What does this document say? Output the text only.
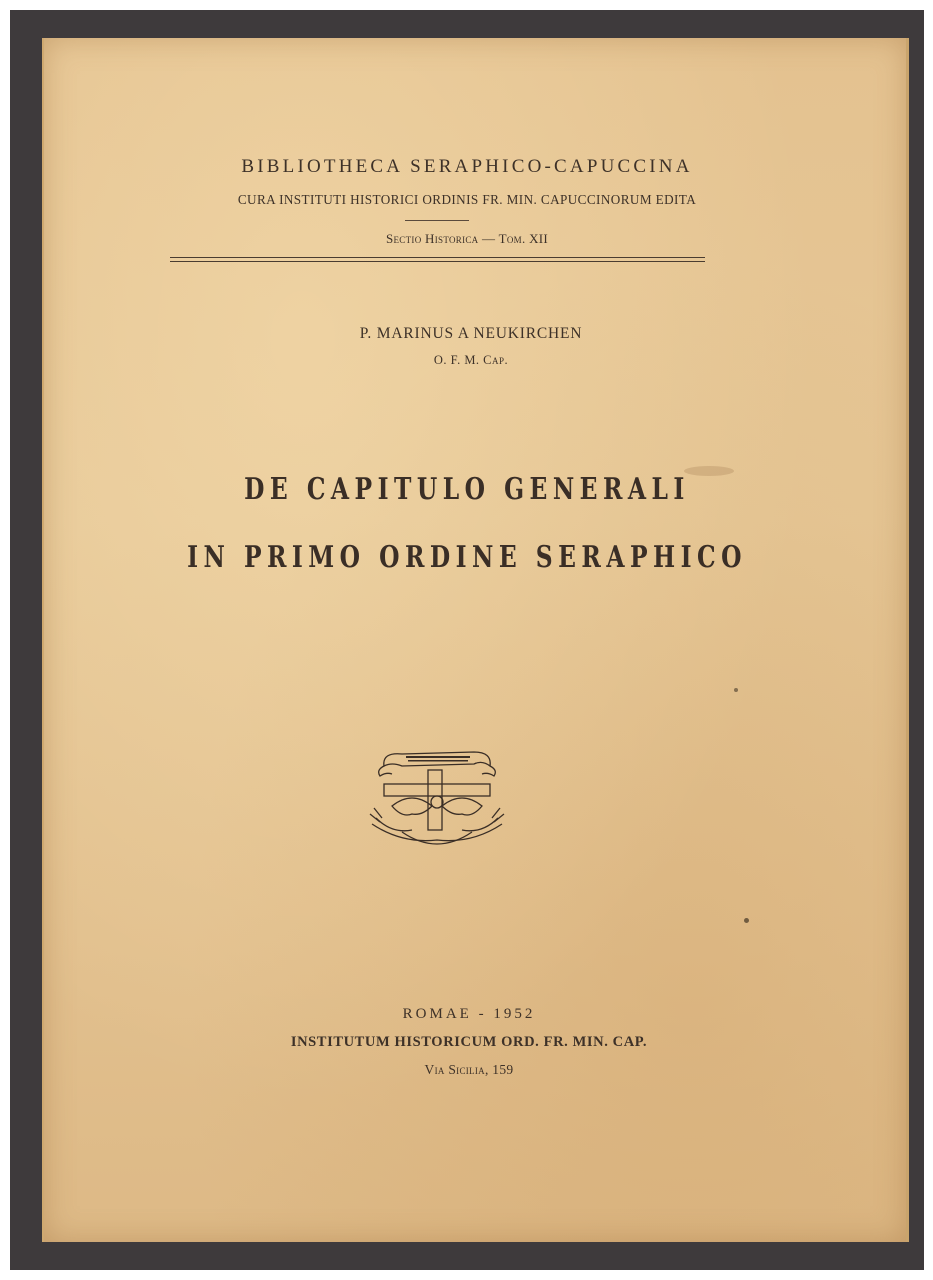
BIBLIOTHECA SERAPHICO-CAPUCCINA
CURA INSTITUTI HISTORICI ORDINIS FR. MIN. CAPUCCINORUM EDITA
Sectio Historica — Tom. XII
P. MARINUS A NEUKIRCHEN
O. F. M. Cap.
DE CAPITULO GENERALI
IN PRIMO ORDINE SERAPHICO
ROMAE - 1952
INSTITUTUM HISTORICUM ORD. FR. MIN. CAP.
Via Sicilia, 159
